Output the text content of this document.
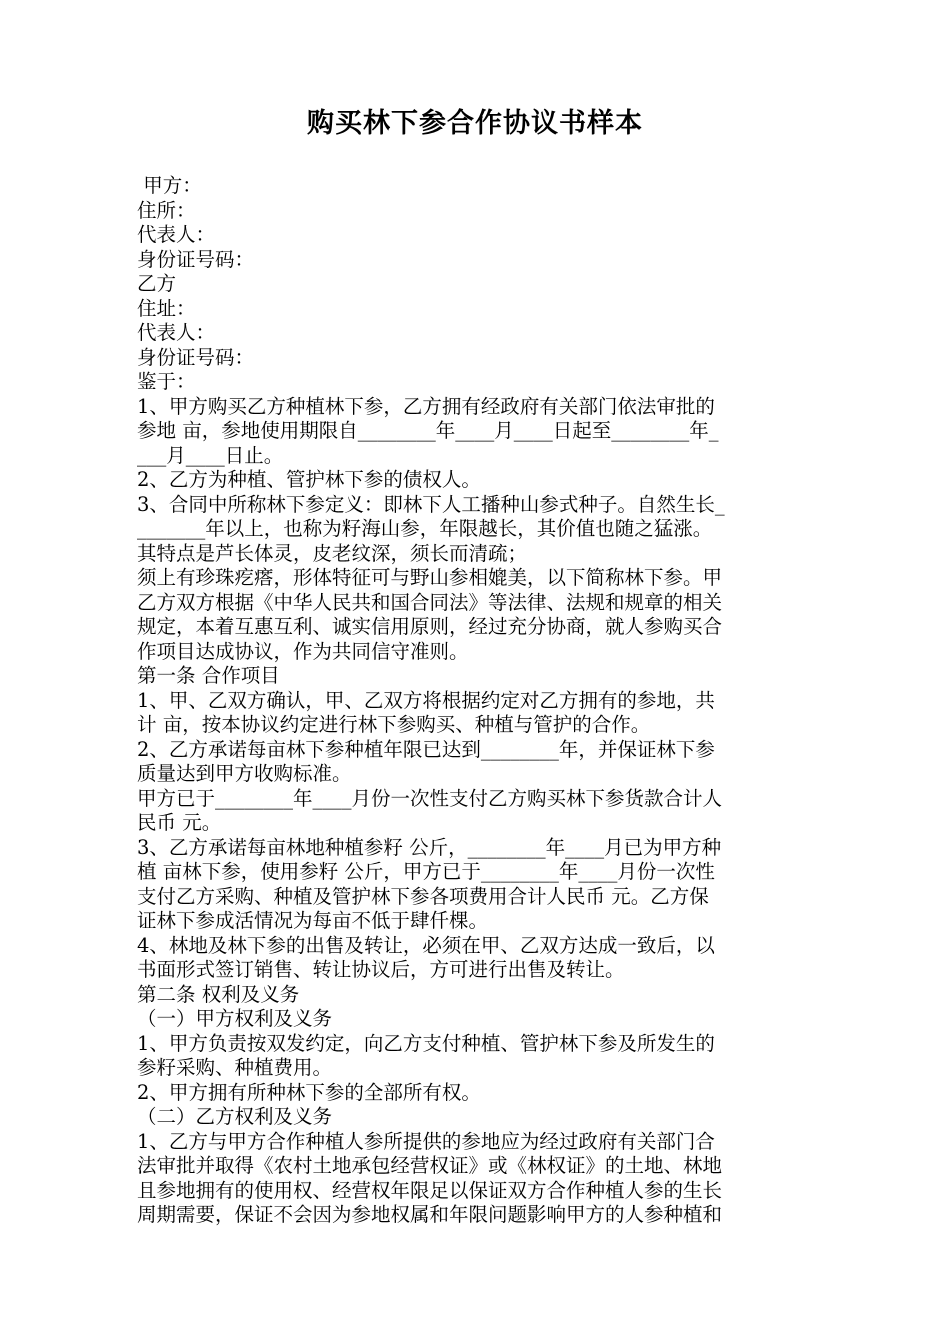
购买林下参合作协议书样本
甲方：
住所：
代表人：
身份证号码：
乙方
住址：
代表人：
身份证号码：
鉴于：
1、甲方购买乙方种植林下参，乙方拥有经政府有关部门依法审批的
参地 亩，参地使用期限自________年____月____日起至________年_
___月____日止。
2、乙方为种植、管护林下参的债权人。
3、合同中所称林下参定义：即林下人工播种山参式种子。自然生长_
_______年以上，也称为籽海山参，年限越长，其价值也随之猛涨。
其特点是芦长体灵，皮老纹深，须长而清疏；
须上有珍珠疙瘩，形体特征可与野山参相媲美，以下简称林下参。甲
乙方双方根据《中华人民共和国合同法》等法律、法规和规章的相关
规定，本着互惠互利、诚实信用原则，经过充分协商，就人参购买合
作项目达成协议，作为共同信守准则。
第一条 合作项目
1、甲、乙双方确认，甲、乙双方将根据约定对乙方拥有的参地，共
计 亩，按本协议约定进行林下参购买、种植与管护的合作。
2、乙方承诺每亩林下参种植年限已达到________年，并保证林下参
质量达到甲方收购标准。
甲方已于________年____月份一次性支付乙方购买林下参货款合计人
民币 元。
3、乙方承诺每亩林地种植参籽 公斤，________年____月已为甲方种
植 亩林下参，使用参籽 公斤，甲方已于________年____月份一次性
支付乙方采购、种植及管护林下参各项费用合计人民币 元。乙方保
证林下参成活情况为每亩不低于肆仟棵。
4、林地及林下参的出售及转让，必须在甲、乙双方达成一致后，以
书面形式签订销售、转让协议后，方可进行出售及转让。
第二条 权利及义务
（一）甲方权利及义务
1、甲方负责按双发约定，向乙方支付种植、管护林下参及所发生的
参籽采购、种植费用。
2、甲方拥有所种林下参的全部所有权。
（二）乙方权利及义务
1、乙方与甲方合作种植人参所提供的参地应为经过政府有关部门合
法审批并取得《农村土地承包经营权证》或《林权证》的土地、林地
且参地拥有的使用权、经营权年限足以保证双方合作种植人参的生长
周期需要，保证不会因为参地权属和年限问题影响甲方的人参种植和
